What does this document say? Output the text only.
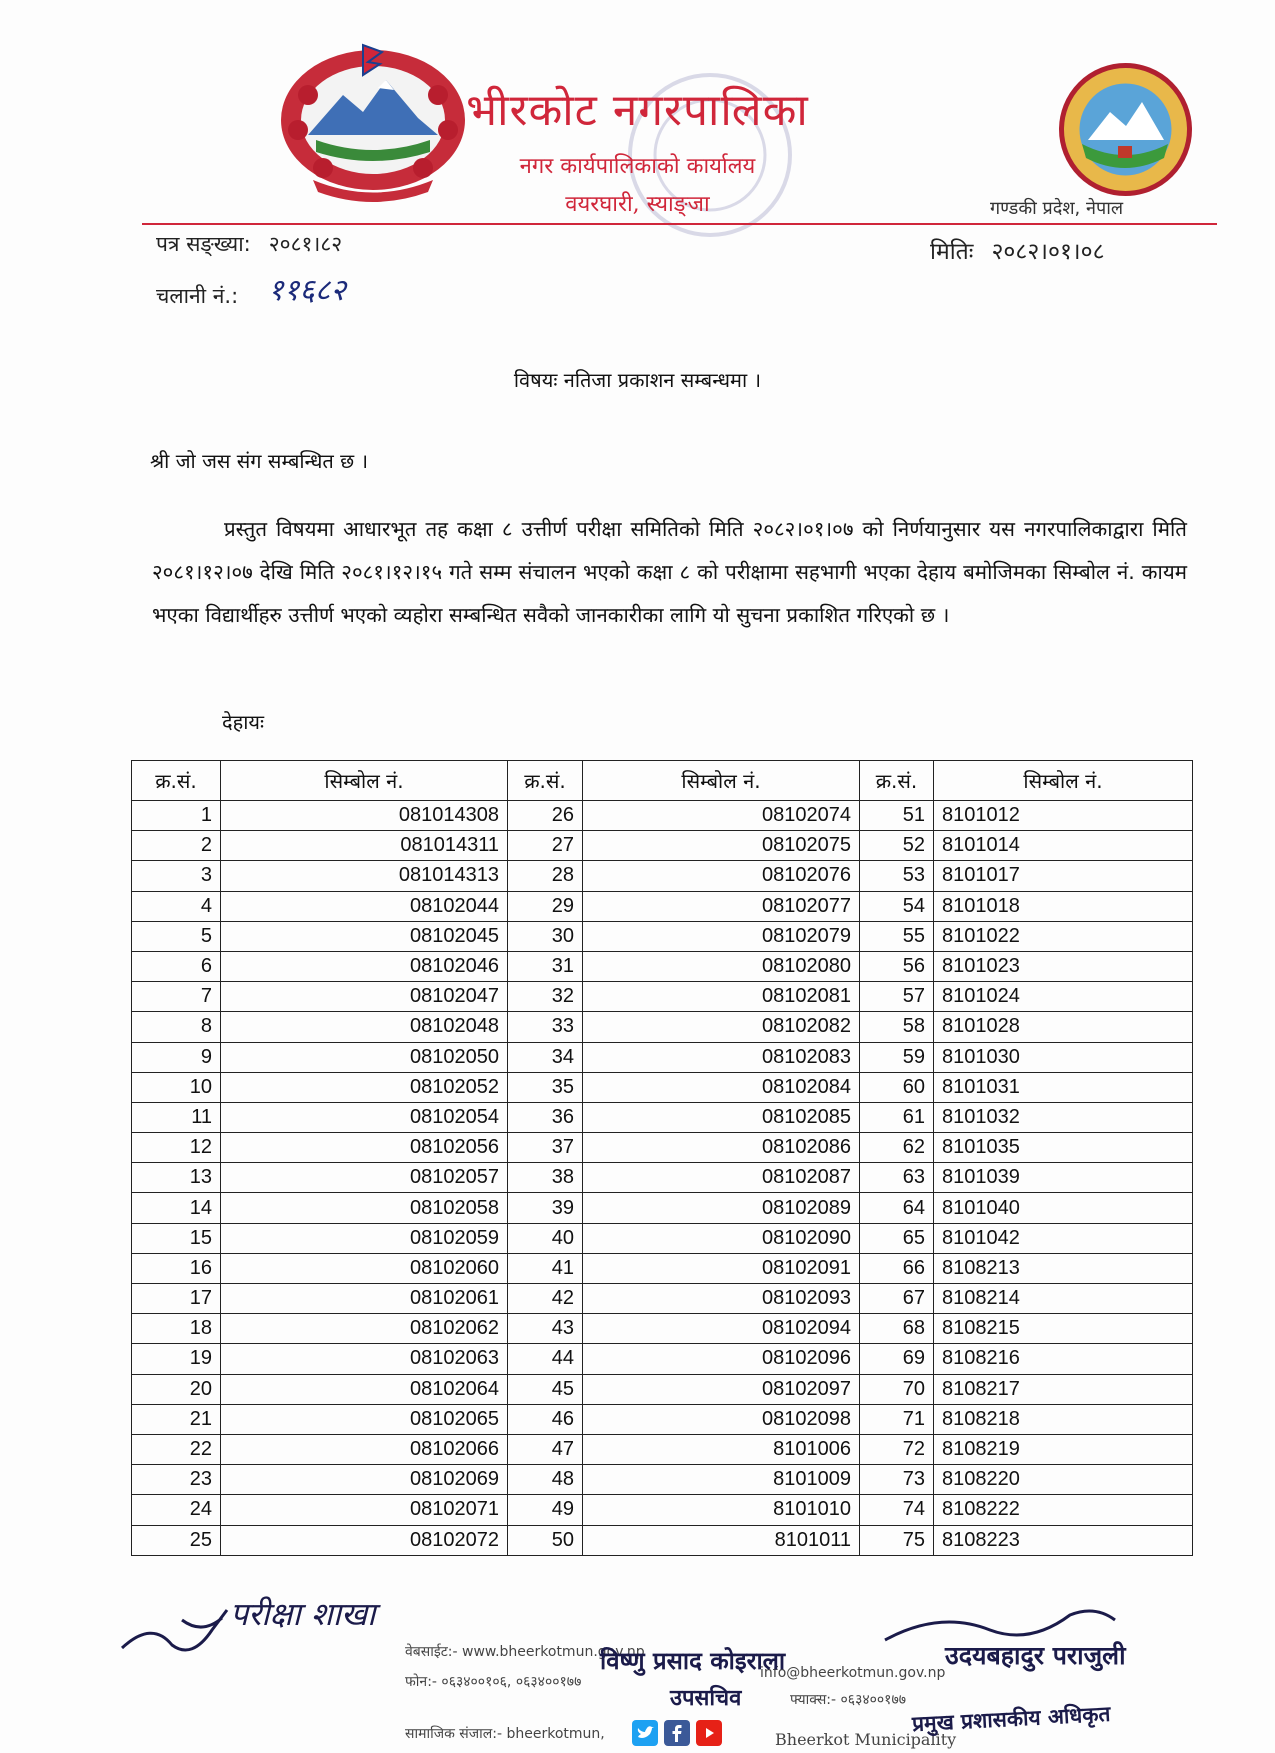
भीरकोट नगरपालिका
नगर कार्यपालिकाको कार्यालय
वयरघारी, स्याङ्जा	गण्डकी प्रदेश, नेपाल
पत्र सङ्ख्या: २०८१।८२
चलानी नं.: ११६८२
मितिः २०८२।०१।०८
विषयः नतिजा प्रकाशन सम्बन्धमा ।
श्री जो जस संग सम्बन्धित छ ।
प्रस्तुत विषयमा आधारभूत तह कक्षा ८ उत्तीर्ण परीक्षा समितिको मिति २०८२।०१।०७ को निर्णयानुसार यस नगरपालिकाद्वारा मिति २०८१।१२।०७ देखि मिति २०८१।१२।१५ गते सम्म संचालन भएको कक्षा ८ को परीक्षामा सहभागी भएका देहाय बमोजिमका सिम्बोल नं. कायम भएका विद्यार्थीहरु उत्तीर्ण भएको व्यहोरा सम्बन्धित सवैको जानकारीका लागि यो सुचना प्रकाशित गरिएको छ ।
देहायः
क्र.सं.	सिम्बोल नं.	क्र.सं.	सिम्बोल नं.	क्र.सं.	सिम्बोल नं.
1	081014308	26	08102074	51	8101012
2	081014311	27	08102075	52	8101014
3	081014313	28	08102076	53	8101017
4	08102044	29	08102077	54	8101018
5	08102045	30	08102079	55	8101022
6	08102046	31	08102080	56	8101023
7	08102047	32	08102081	57	8101024
8	08102048	33	08102082	58	8101028
9	08102050	34	08102083	59	8101030
10	08102052	35	08102084	60	8101031
11	08102054	36	08102085	61	8101032
12	08102056	37	08102086	62	8101035
13	08102057	38	08102087	63	8101039
14	08102058	39	08102089	64	8101040
15	08102059	40	08102090	65	8101042
16	08102060	41	08102091	66	8108213
17	08102061	42	08102093	67	8108214
18	08102062	43	08102094	68	8108215
19	08102063	44	08102096	69	8108216
20	08102064	45	08102097	70	8108217
21	08102065	46	08102098	71	8108218
22	08102066	47	8101006	72	8108219
23	08102069	48	8101009	73	8108220
24	08102071	49	8101010	74	8108222
25	08102072	50	8101011	75	8108223
परीक्षा शाखा
वेबसाईट:- www.bheerkotmun.gov.np
फोन:- ०६३४००१०६, ०६३४००१७७
info@bheerkotmun.gov.np
फ्याक्स:- ०६३४००१७७
सामाजिक संजाल:- bheerkotmun,	Bheerkot Municipality
विष्णु प्रसाद कोइराला
उपसचिव
उदयबहादुर पराजुली
प्रमुख प्रशासकीय अधिकृत
